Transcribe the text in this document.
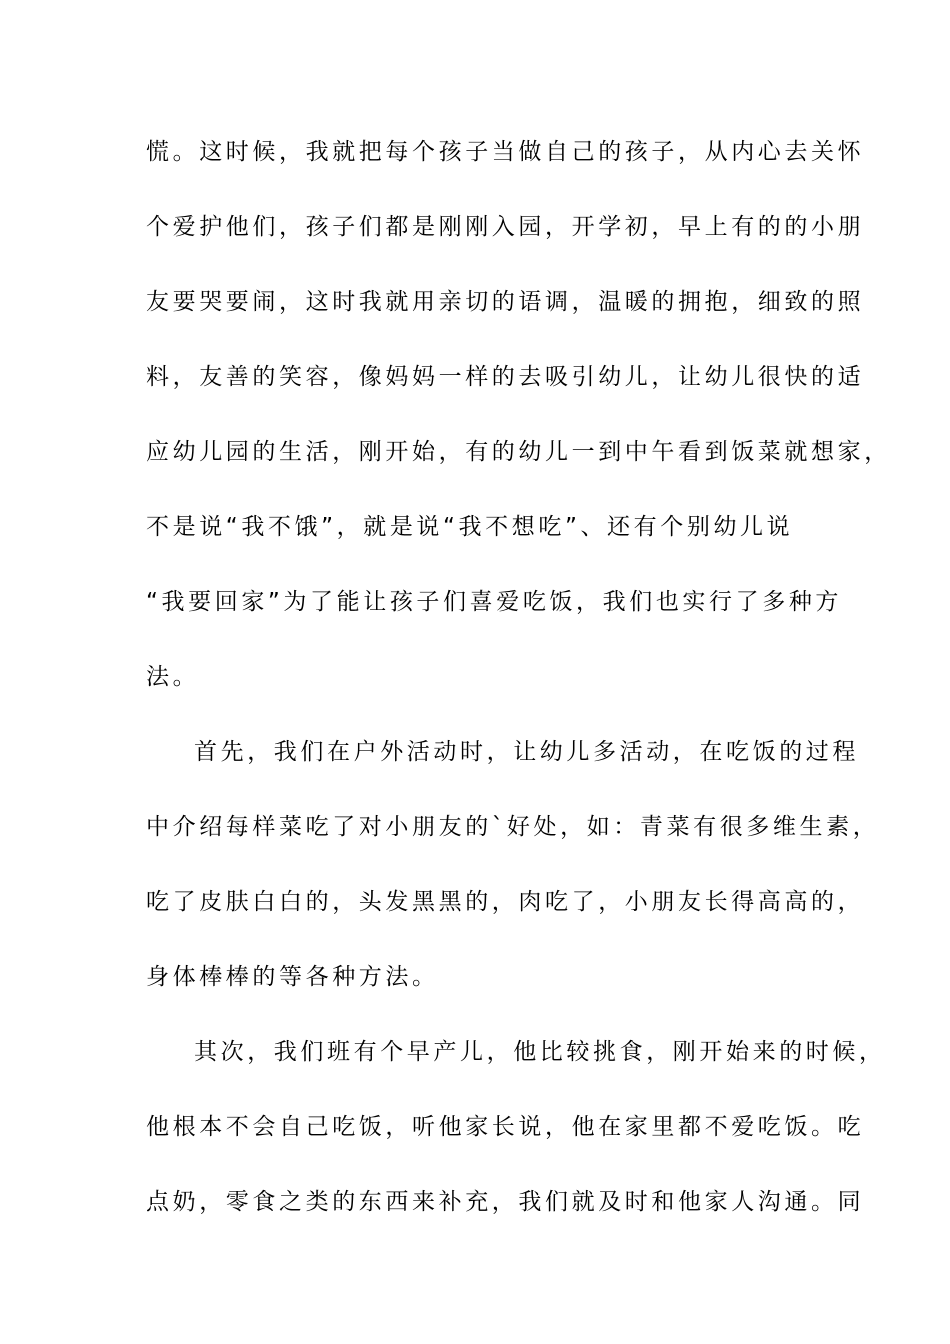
慌。这时候，我就把每个孩子当做自己的孩子，从内心去关怀
个爱护他们，孩子们都是刚刚入园，开学初，早上有的的小朋
友要哭要闹，这时我就用亲切的语调，温暖的拥抱，细致的照
料，友善的笑容，像妈妈一样的去吸引幼儿，让幼儿很快的适
应幼儿园的生活，刚开始，有的幼儿一到中午看到饭菜就想家，
不是说“我不饿”，就是说“我不想吃”、还有个别幼儿说
“我要回家”为了能让孩子们喜爱吃饭，我们也实行了多种方
法。
首先，我们在户外活动时，让幼儿多活动，在吃饭的过程
中介绍每样菜吃了对小朋友的`好处，如：青菜有很多维生素，
吃了皮肤白白的，头发黑黑的，肉吃了，小朋友长得高高的，
身体棒棒的等各种方法。
其次，我们班有个早产儿，他比较挑食，刚开始来的时候，
他根本不会自己吃饭，听他家长说，他在家里都不爱吃饭。吃
点奶，零食之类的东西来补充，我们就及时和他家人沟通。同
